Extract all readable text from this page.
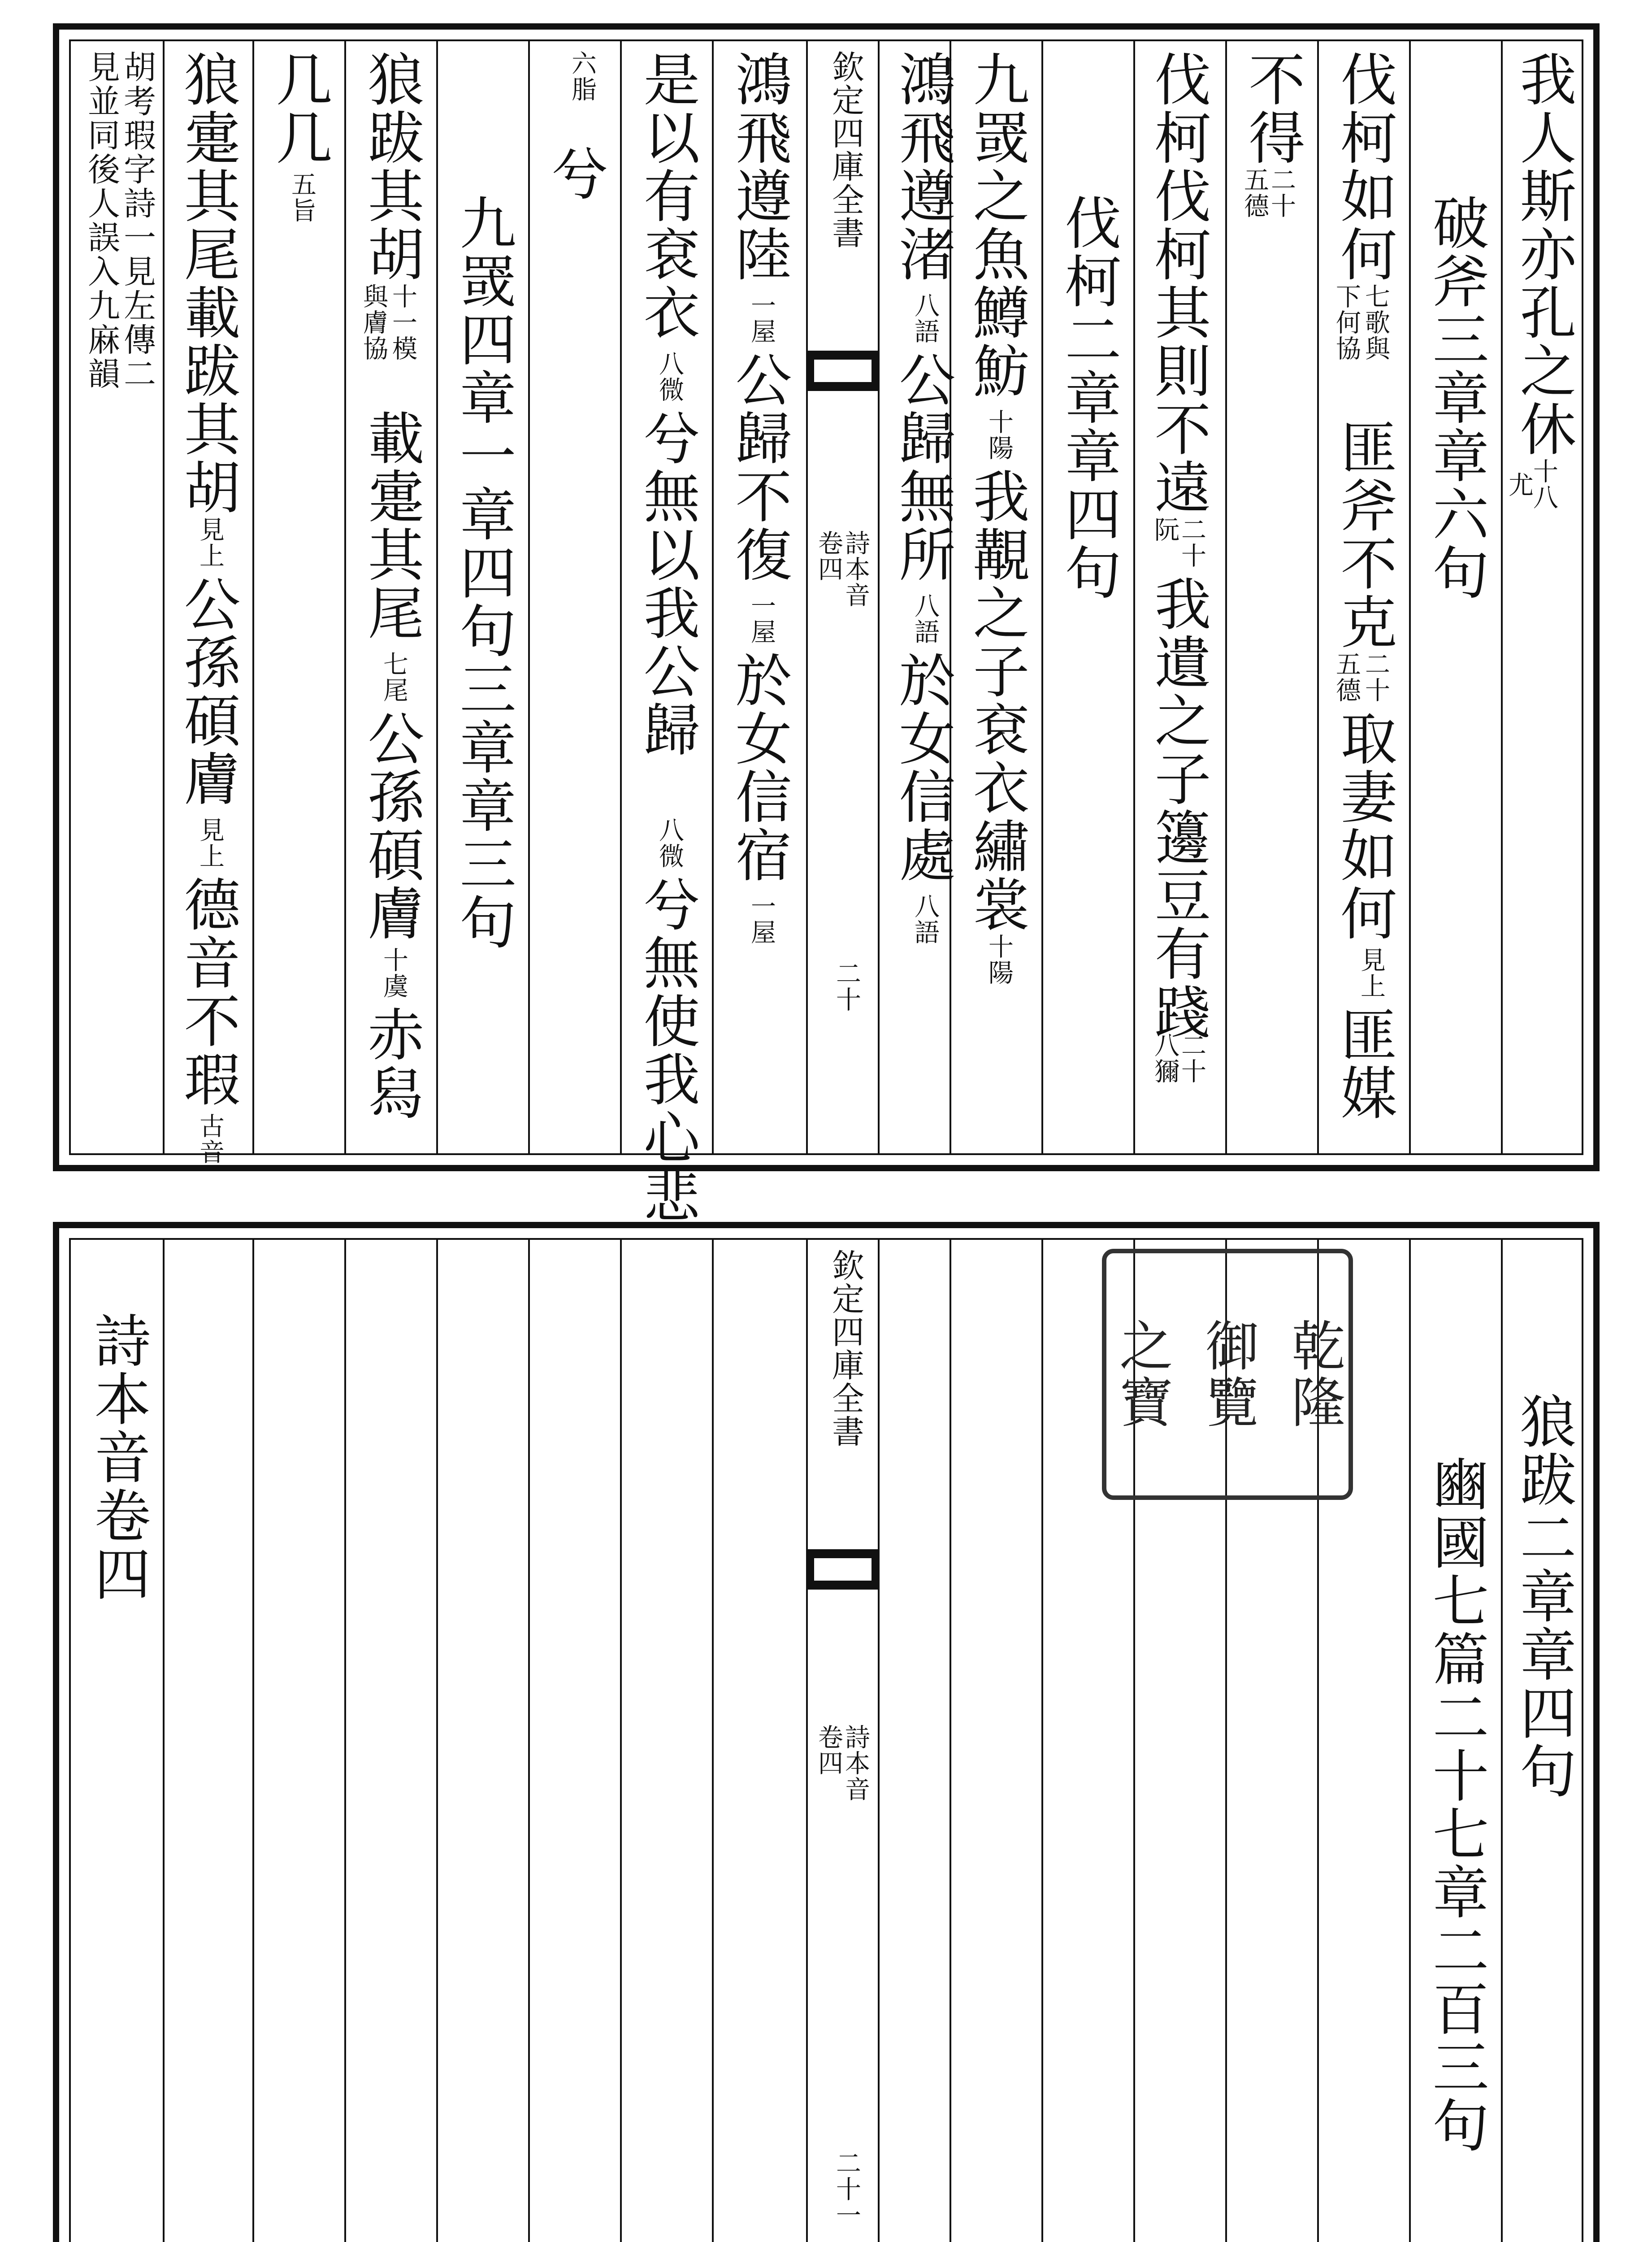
欽定四庫全書
詩本音
卷四
二十
我人斯亦孔之休十八
尤
破斧三章章六句
伐柯如何
七歌與
下何協
匪斧不克
二十
五德
取妻如何
見上
匪媒
不得
二十
五德
伐柯伐柯其則不遠
二十
阮
我遺之子籩豆有踐
二十
八獮
伐柯二章章四句
九罭之魚鱒魴
十陽
我覯之子袞衣繡裳
十陽
鴻飛遵渚
八語
公歸無所
八語
於女信處
八語
鴻飛遵陸
一屋
公歸不復
一屋
於女信宿
一屋
是以有袞衣
八微
兮無以我公歸
八微
兮無使我心悲
六脂
兮
九罭四章一章四句三章章三句
狼跋其胡
十一模
與膚協
載疐其尾
七尾
公孫碩膚
十虞
赤舄
几几
五旨
狼疐其尾載跋其胡
見上
公孫碩膚
見上
德音不瑕
古音
胡考瑕字詩一見左傳二
見並同後人誤入九麻韻
狼跋二章章四句
豳國七篇二十七章二百三句
乾隆
御覽
之寶
欽定四庫全書
詩本音
卷四
二十一
詩本音卷四
